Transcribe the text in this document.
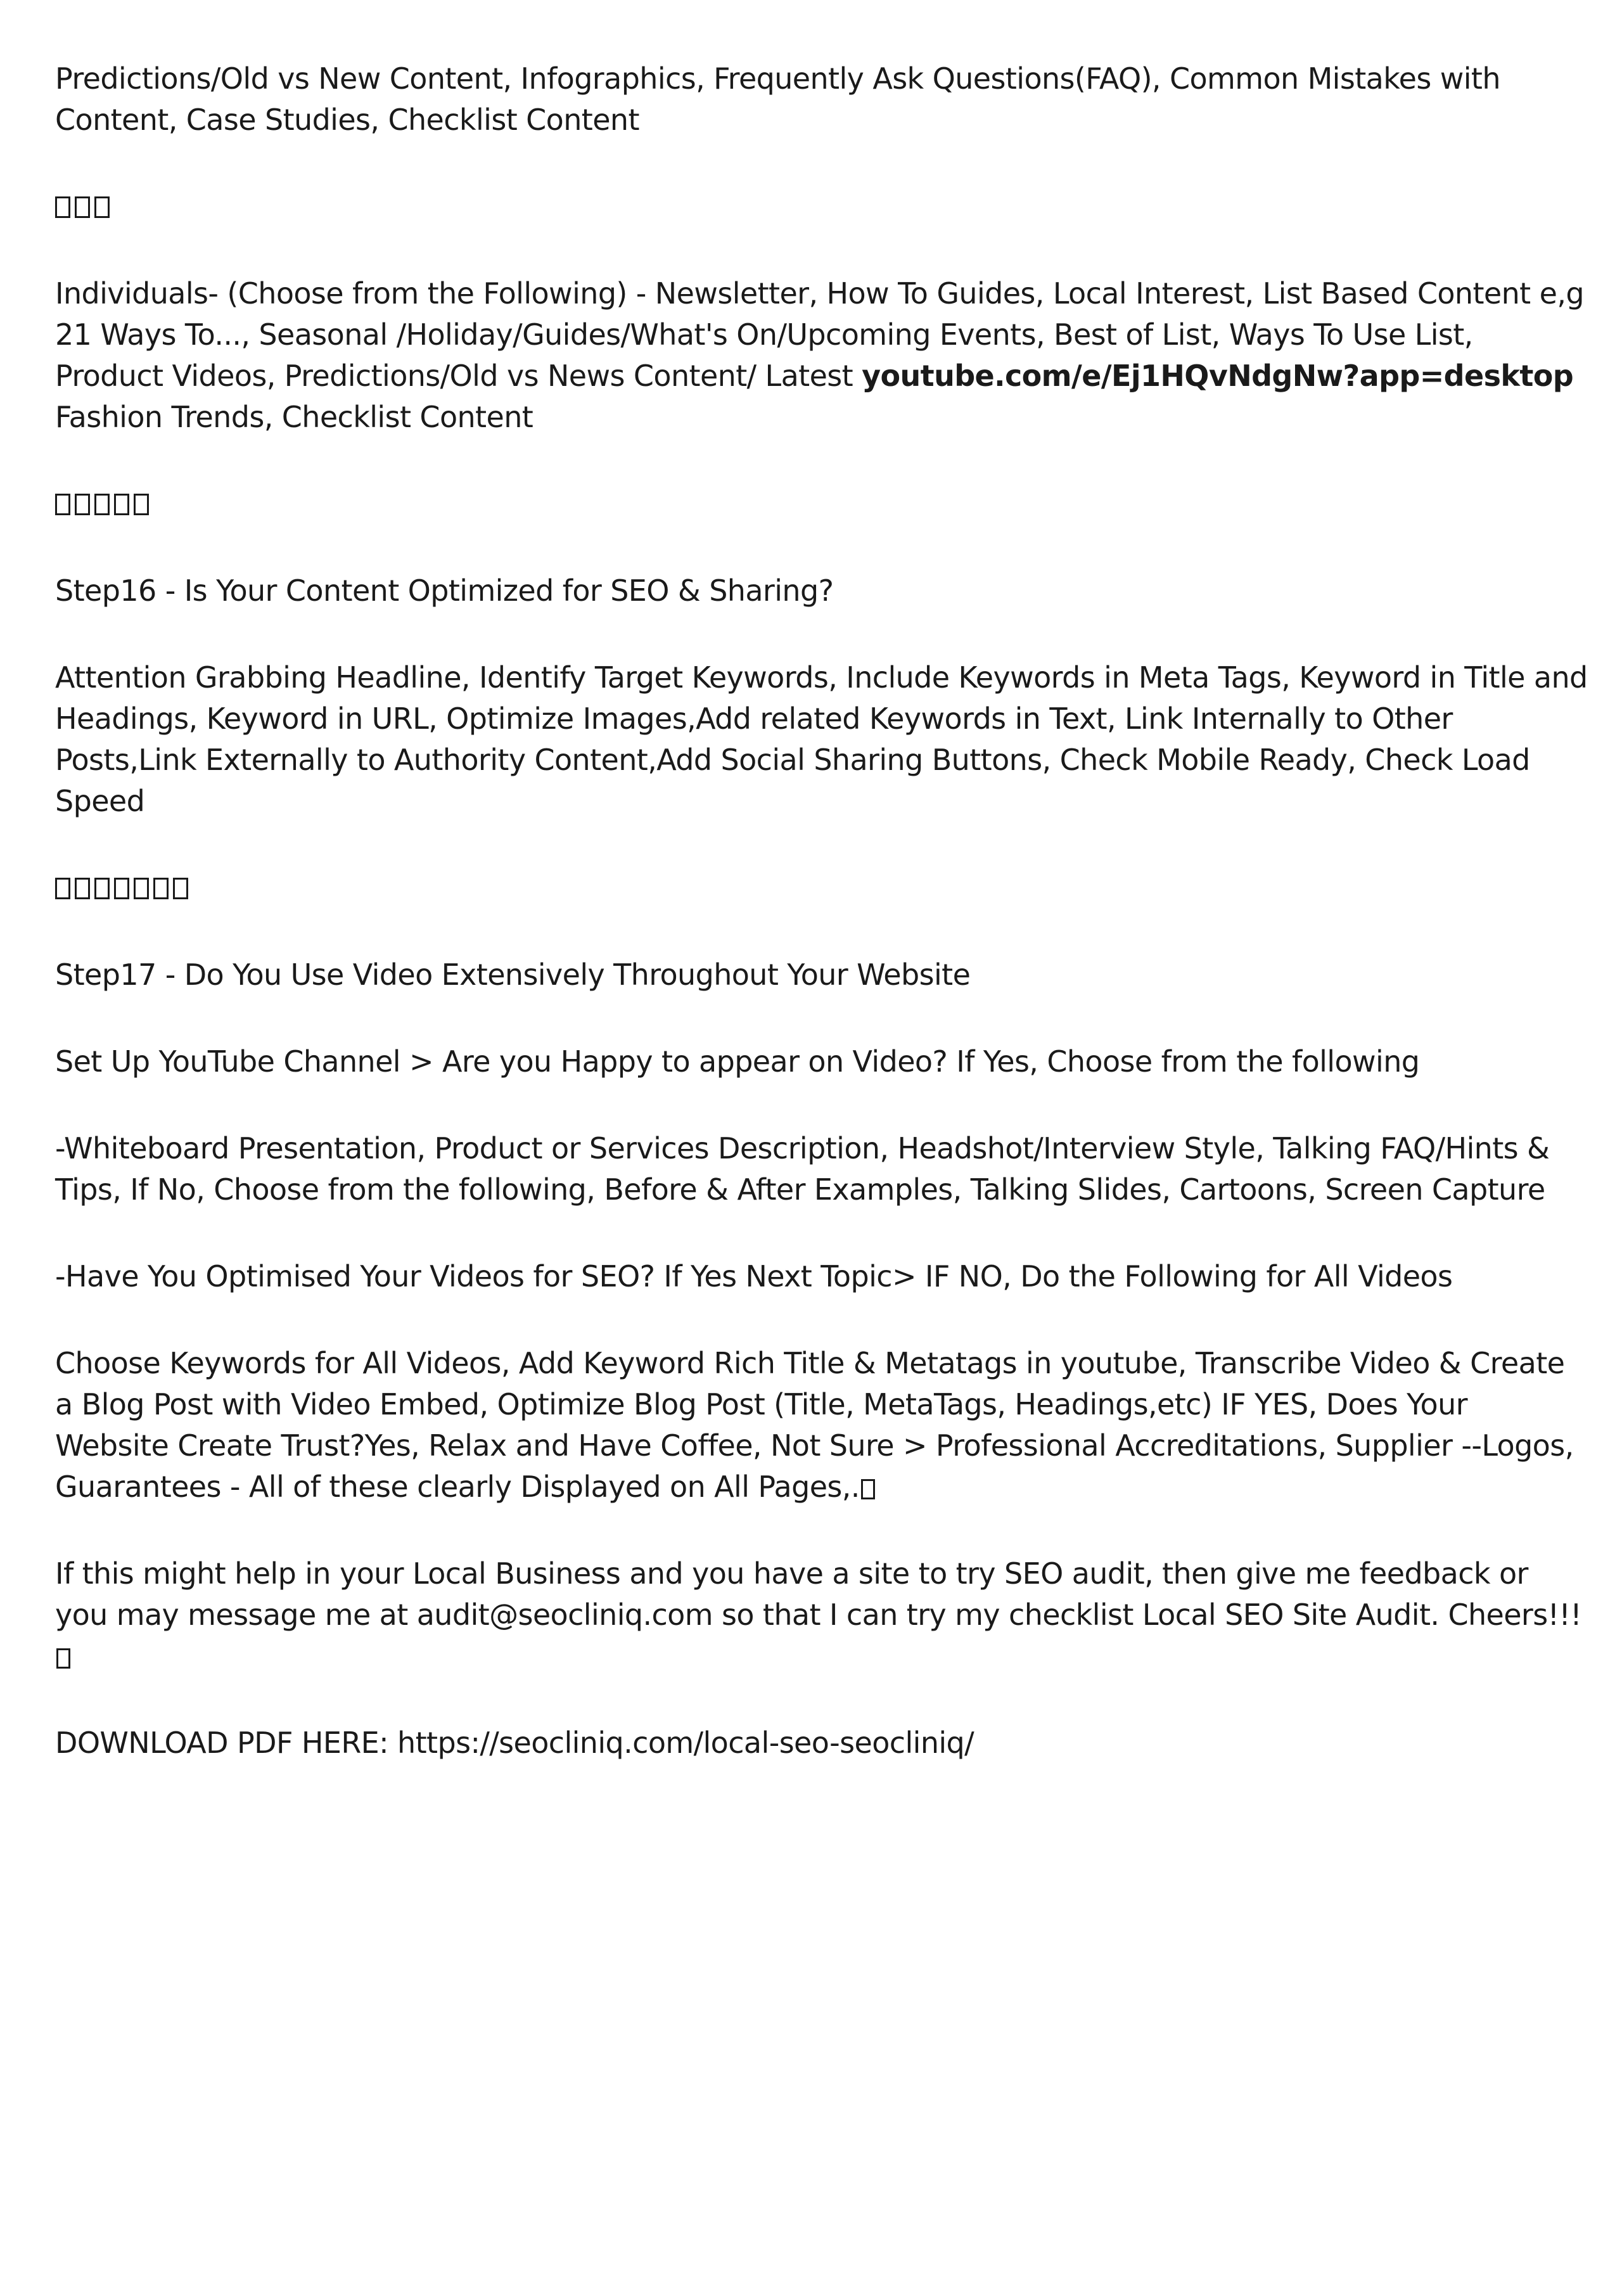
Predictions/Old vs New Content, Infographics, Frequently Ask Questions(FAQ), Common Mistakes with Content, Case Studies, Checklist Content

Individuals- (Choose from the Following) - Newsletter, How To Guides, Local Interest, List Based Content e,g 21 Ways To..., Seasonal /Holiday/Guides/What's On/Upcoming Events, Best of List, Ways To Use List, Product Videos, Predictions/Old vs News Content/ Latest youtube.com/e/Ej1HQvNdgNw?app=desktop Fashion Trends, Checklist Content

Step16 - Is Your Content Optimized for SEO & Sharing?

Attention Grabbing Headline, Identify Target Keywords, Include Keywords in Meta Tags, Keyword in Title and Headings, Keyword in URL, Optimize Images,Add related Keywords in Text, Link Internally to Other Posts,Link Externally to Authority Content,Add Social Sharing Buttons, Check Mobile Ready, Check Load Speed

Step17 - Do You Use Video Extensively Throughout Your Website

Set Up YouTube Channel > Are you Happy to appear on Video? If Yes, Choose from the following

-Whiteboard Presentation, Product or Services Description, Headshot/Interview Style, Talking FAQ/Hints & Tips, If No, Choose from the following, Before & After Examples, Talking Slides, Cartoons, Screen Capture

-Have You Optimised Your Videos for SEO? If Yes Next Topic> IF NO, Do the Following for All Videos

Choose Keywords for All Videos, Add Keyword Rich Title & Metatags in youtube, Transcribe Video & Create a Blog Post with Video Embed, Optimize Blog Post (Title, MetaTags, Headings,etc) IF YES, Does Your Website Create Trust?Yes, Relax and Have Coffee, Not Sure > Professional Accreditations, Supplier --Logos, Guarantees - All of these clearly Displayed on All Pages,.

If this might help in your Local Business and you have a site to try SEO audit, then give me feedback or you may message me at audit@seocliniq.com so that I can try my checklist Local SEO Site Audit. Cheers!!!

DOWNLOAD PDF HERE: https://seocliniq.com/local-seo-seocliniq/
